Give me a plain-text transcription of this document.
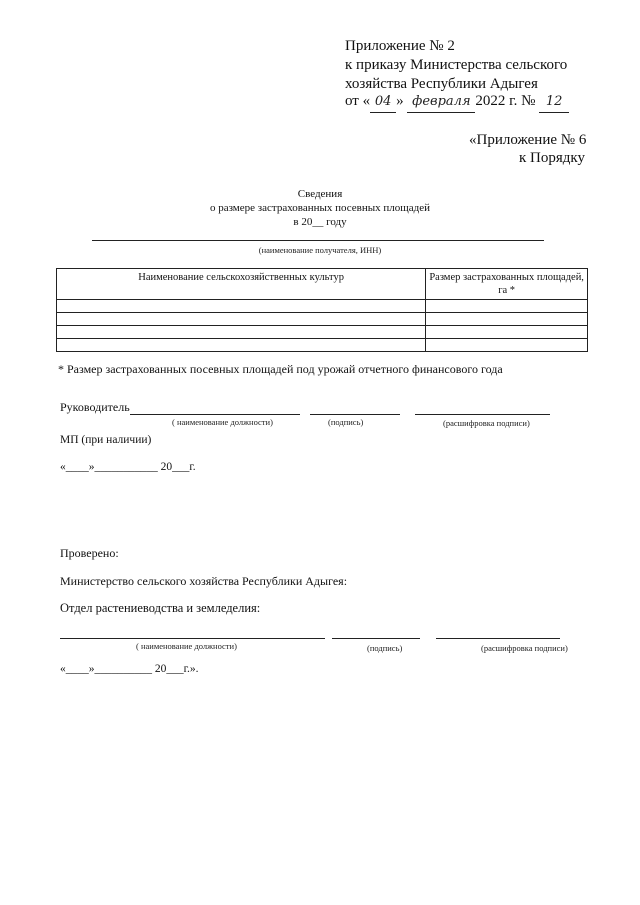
Приложение № 2
к приказу Министерства сельского
хозяйства Республики Адыгея
от « 04 » февраля 2022 г. № 12
«Приложение № 6
к Порядку
Сведения
о размере застрахованных посевных площадей
в 20__ году
(наименование получателя, ИНН)
Наименование сельскохозяйственных культур	Размер застрахованных площадей, га *

* Размер застрахованных посевных площадей под урожай отчетного финансового года
Руководитель
( наименование должности)	(подпись)	(расшифровка подписи)
МП (при наличии)
«____»___________ 20___г.
Проверено:
Министерство сельского хозяйства Республики Адыгея:
Отдел растениеводства и земледелия:
( наименование должности)	(подпись)	(расшифровка подписи)
«____»__________ 20___г.».
